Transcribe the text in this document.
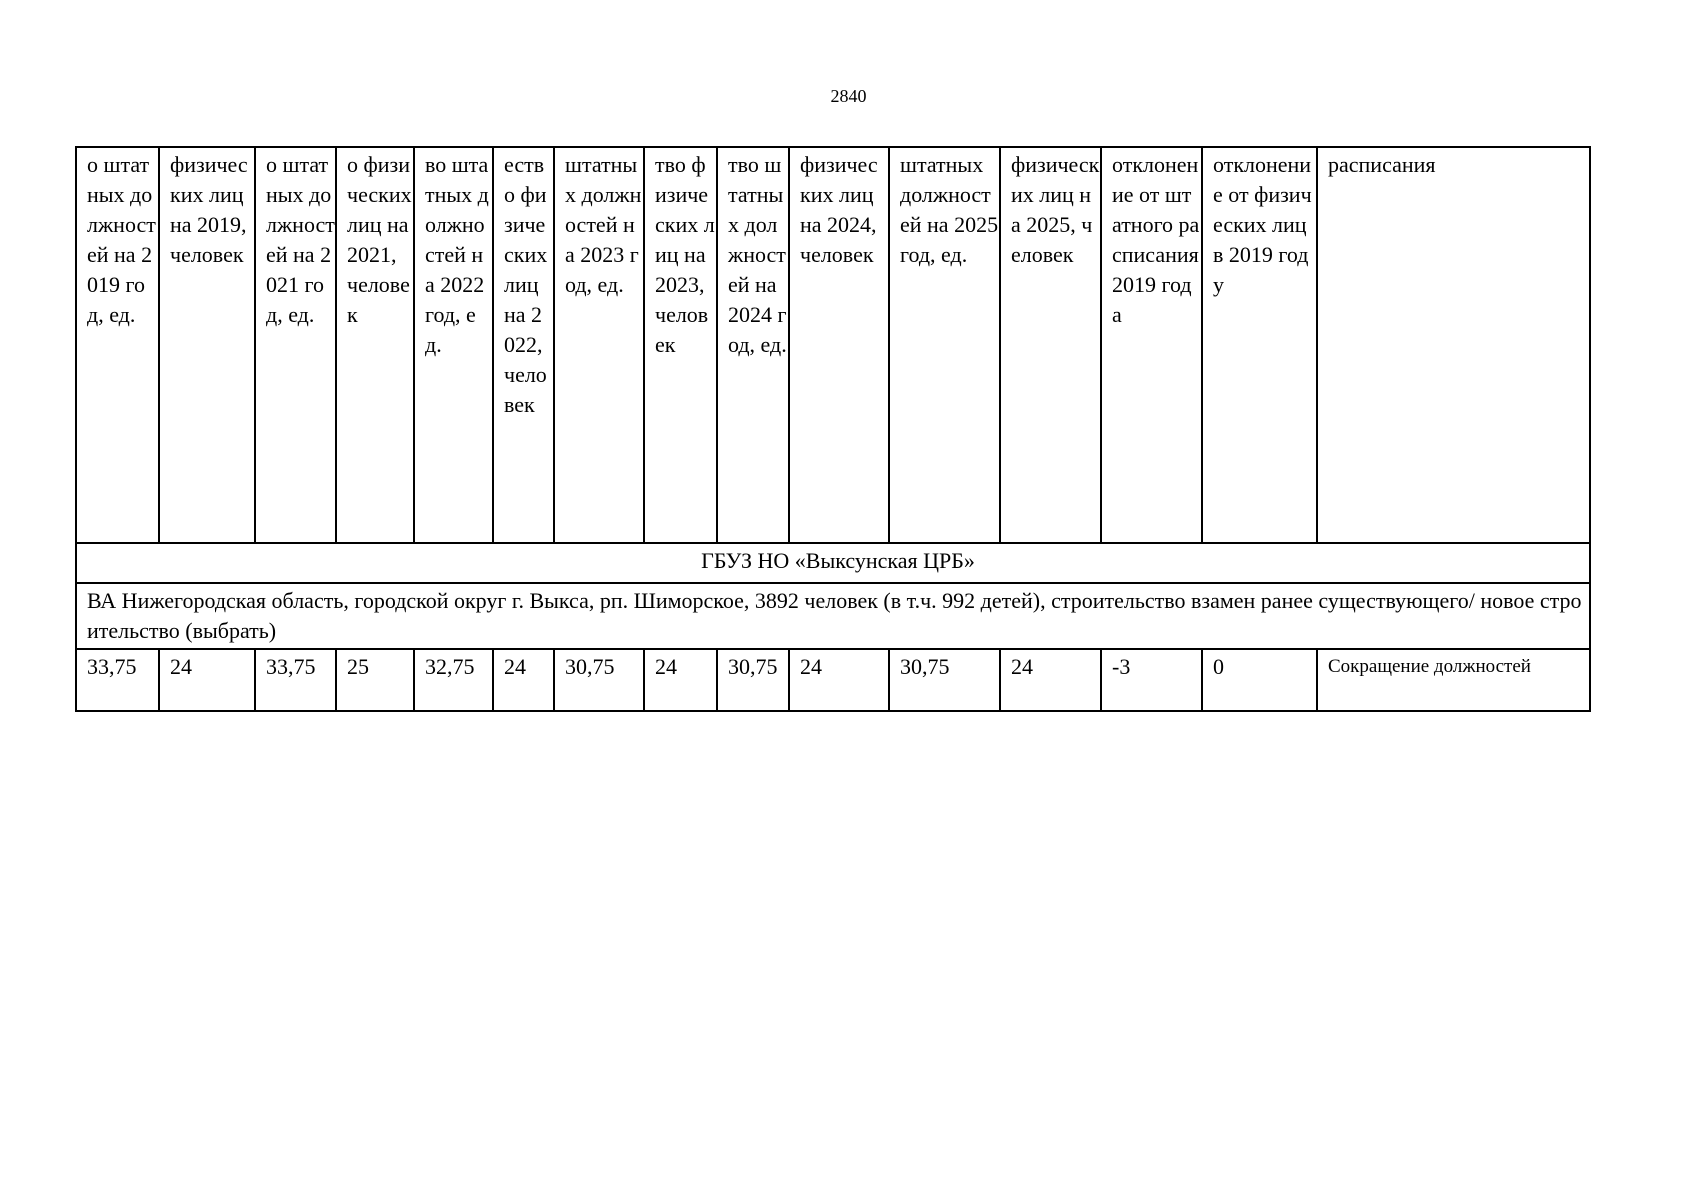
2840
о штатных должностей на 2019 год, ед.	физических лиц на 2019, человек	о штатных должностей на 2021 год, ед.	о физических лиц на 2021, человек	во штатных должностей на 2022 год, ед.	ество физических лиц на 2022, человек	штатных должностей на 2023 год, ед.	тво физических лиц на 2023, человек	тво штатных должностей на 2024 год, ед.	физических лиц на 2024, человек	штатных должностей на 2025 год, ед.	физических лиц на 2025, человек	отклонение от штатного расписания 2019 года	отклонение от физических лиц в 2019 году	расписания
ГБУЗ НО «Выксунская ЦРБ»														
ВА Нижегородская область, городской округ г. Выкса, рп. Шиморское, 3892 человек (в т.ч. 992 детей), строительство взамен ранее существующего/ новое строительство (выбрать)														
33,75	24	33,75	25	32,75	24	30,75	24	30,75	24	30,75	24	-3	0	Сокращение должностей
